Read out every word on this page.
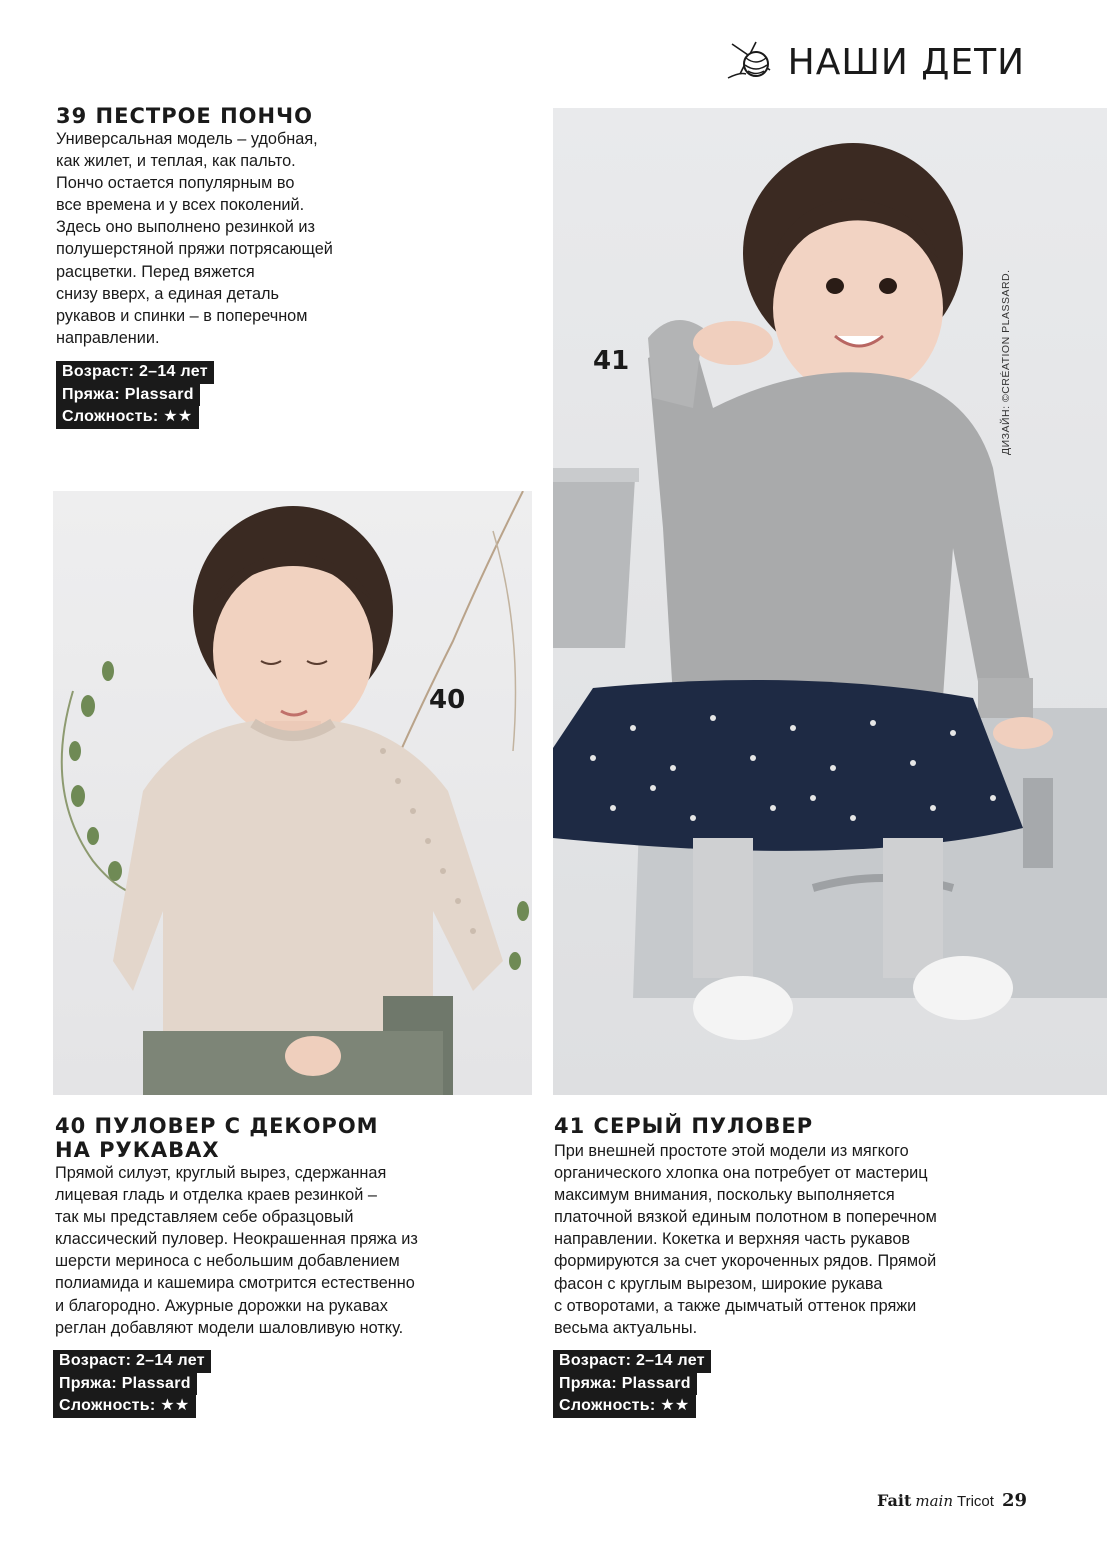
НАШИ ДЕТИ
39 ПЕСТРОЕ ПОНЧО
Универсальная модель – удобная,
как жилет, и теплая, как пальто.
Пончо остается популярным во
все времена и у всех поколений.
Здесь оно выполнено резинкой из
полушерстяной пряжи потрясающей
расцветки. Перед вяжется
снизу вверх, а единая деталь
рукавов и спинки – в поперечном
направлении.
Возраст: 2–14 лет
Пряжа: Plassard
Сложность: ★★
40
40 ПУЛОВЕР С ДЕКОРОМ
НА РУКАВАХ
Прямой силуэт, круглый вырез, сдержанная
лицевая гладь и отделка краев резинкой –
так мы представляем себе образцовый
классический пуловер. Неокрашенная пряжа из
шерсти мериноса с небольшим добавлением
полиамида и кашемира смотрится естественно
и благородно. Ажурные дорожки на рукавах
реглан добавляют модели шаловливую нотку.
Возраст: 2–14 лет
Пряжа: Plassard
Сложность: ★★
41	ДИЗАЙН: ©CRÉATION PLASSARD.
41 СЕРЫЙ ПУЛОВЕР
При внешней простоте этой модели из мягкого
органического хлопка она потребует от мастериц
максимум внимания, поскольку выполняется
платочной вязкой единым полотном в поперечном
направлении. Кокетка и верхняя часть рукавов
формируются за счет укороченных рядов. Прямой
фасон с круглым вырезом, широкие рукава
с отворотами, а также дымчатый оттенок пряжи
весьма актуальны.
Возраст: 2–14 лет
Пряжа: Plassard
Сложность: ★★
Fait main Tricot 29
